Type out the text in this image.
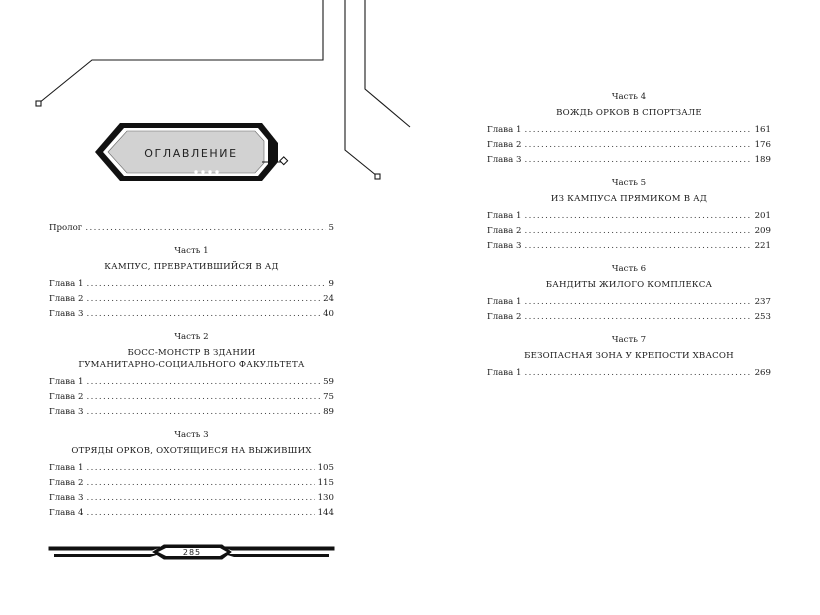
ОГЛАВЛЕНИЕ
Пролог .....	5
Часть 1
КАМПУС, ПРЕВРАТИВШИЙСЯ В АД
Глава 1 .....	9
Глава 2 .....	24
Глава 3 .....	40
Часть 2
БОСС-МОНСТР В ЗДАНИИ
ГУМАНИТАРНО-СОЦИАЛЬНОГО ФАКУЛЬТЕТА
Глава 1 .....	59
Глава 2 .....	75
Глава 3 .....	89
Часть 3
ОТРЯДЫ ОРКОВ, ОХОТЯЩИЕСЯ НА ВЫЖИВШИХ
Глава 1 .....	105
Глава 2 .....	115
Глава 3 .....	130
Глава 4 .....	144
Часть 4
ВОЖДЬ ОРКОВ В СПОРТЗАЛЕ
Глава 1 .....	161
Глава 2 .....	176
Глава 3 .....	189
Часть 5
ИЗ КАМПУСА ПРЯМИКОМ В АД
Глава 1 .....	201
Глава 2 .....	209
Глава 3 .....	221
Часть 6
БАНДИТЫ ЖИЛОГО КОМПЛЕКСА
Глава 1 .....	237
Глава 2 .....	253
Часть 7
БЕЗОПАСНАЯ ЗОНА У КРЕПОСТИ ХВАСОН
Глава 1 .....	269
285
